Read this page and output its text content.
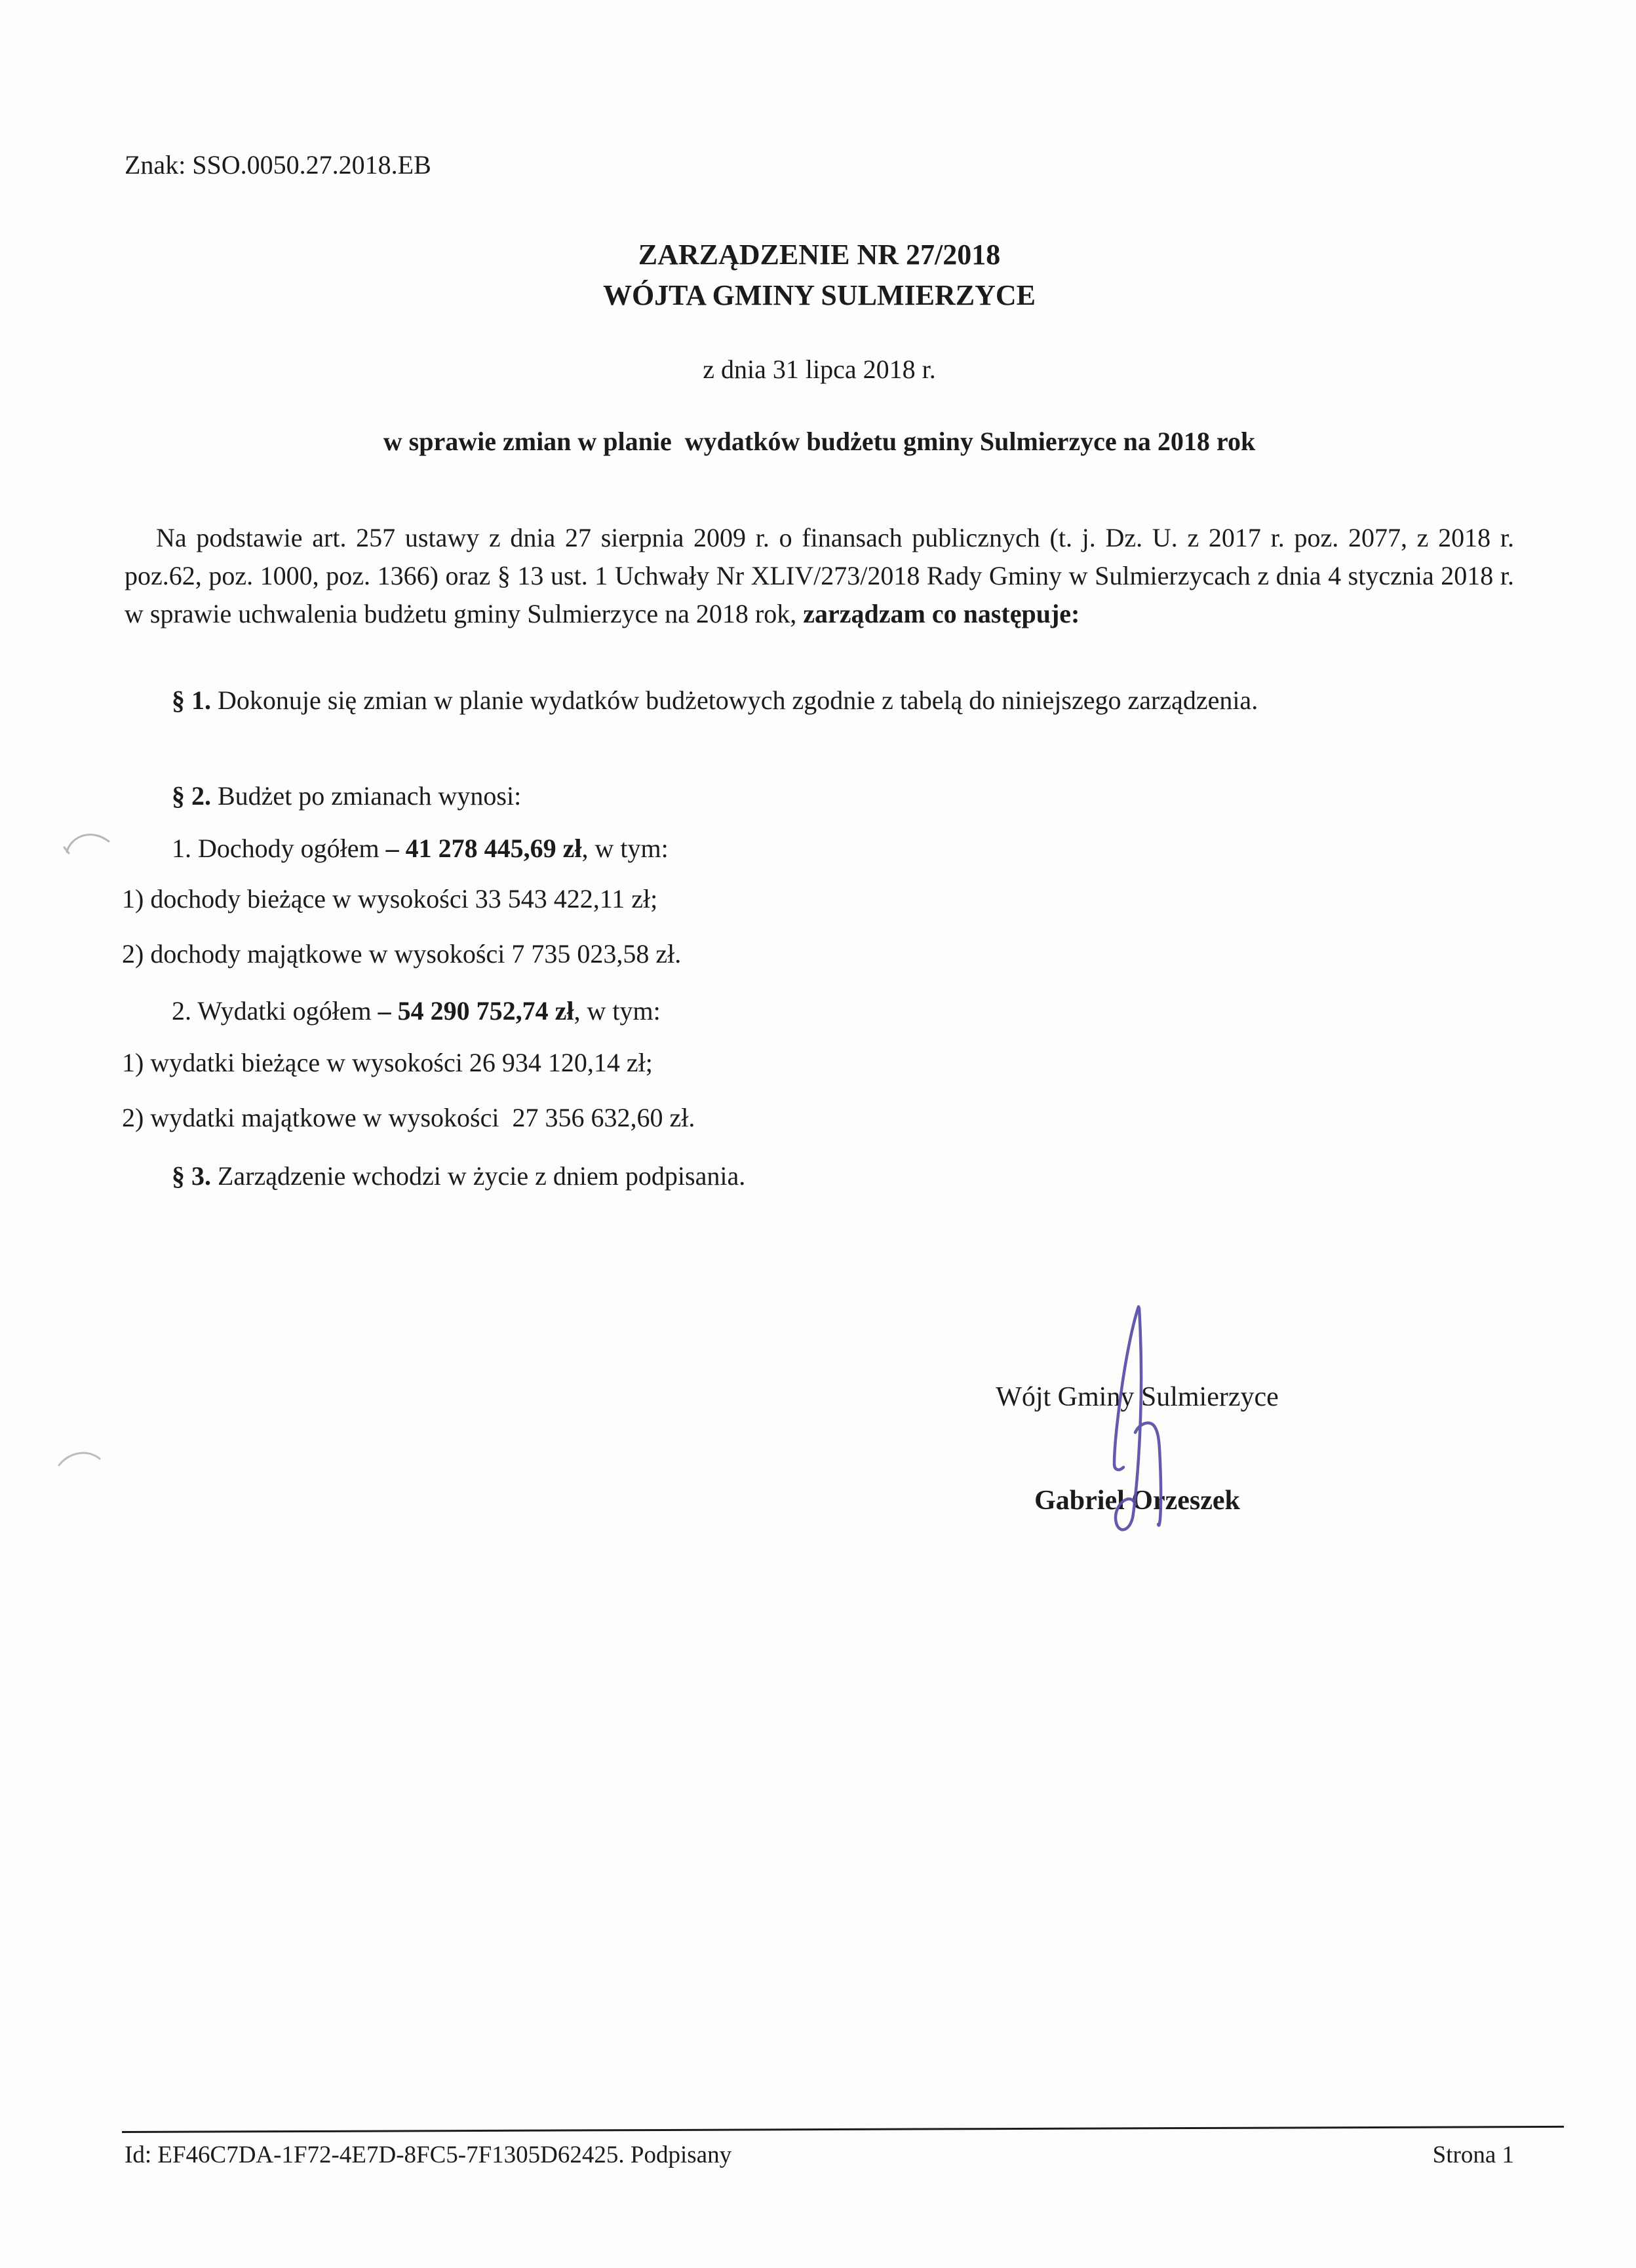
Znak: SSO.0050.27.2018.EB
ZARZĄDZENIE NR 27/2018
WÓJTA GMINY SULMIERZYCE
z dnia 31 lipca 2018 r.
w sprawie zmian w planie  wydatków budżetu gminy Sulmierzyce na 2018 rok

Na podstawie art. 257 ustawy z dnia 27 sierpnia 2009 r. o finansach publicznych (t. j. Dz. U. z 2017 r. poz. 2077, z 2018 r. poz.62, poz. 1000, poz. 1366) oraz § 13 ust. 1 Uchwały Nr XLIV/273/2018 Rady Gminy w Sulmierzycach z dnia 4 stycznia 2018 r. w sprawie uchwalenia budżetu gminy Sulmierzyce na 2018 rok, zarządzam co następuje:

§ 1. Dokonuje się zmian w planie wydatków budżetowych zgodnie z tabelą do niniejszego zarządzenia.

§ 2. Budżet po zmianach wynosi:

1. Dochody ogółem – 41 278 445,69 zł, w tym:

1) dochody bieżące w wysokości 33 543 422,11 zł;
2) dochody majątkowe w wysokości 7 735 023,58 zł.

2. Wydatki ogółem – 54 290 752,74 zł, w tym:

1) wydatki bieżące w wysokości 26 934 120,14 zł;
2) wydatki majątkowe w wysokości  27 356 632,60 zł.

§ 3. Zarządzenie wchodzi w życie z dniem podpisania.

Wójt Gminy Sulmierzyce
Gabriel Orzeszek
Id: EF46C7DA-1F72-4E7D-8FC5-7F1305D62425. Podpisany	Strona 1
